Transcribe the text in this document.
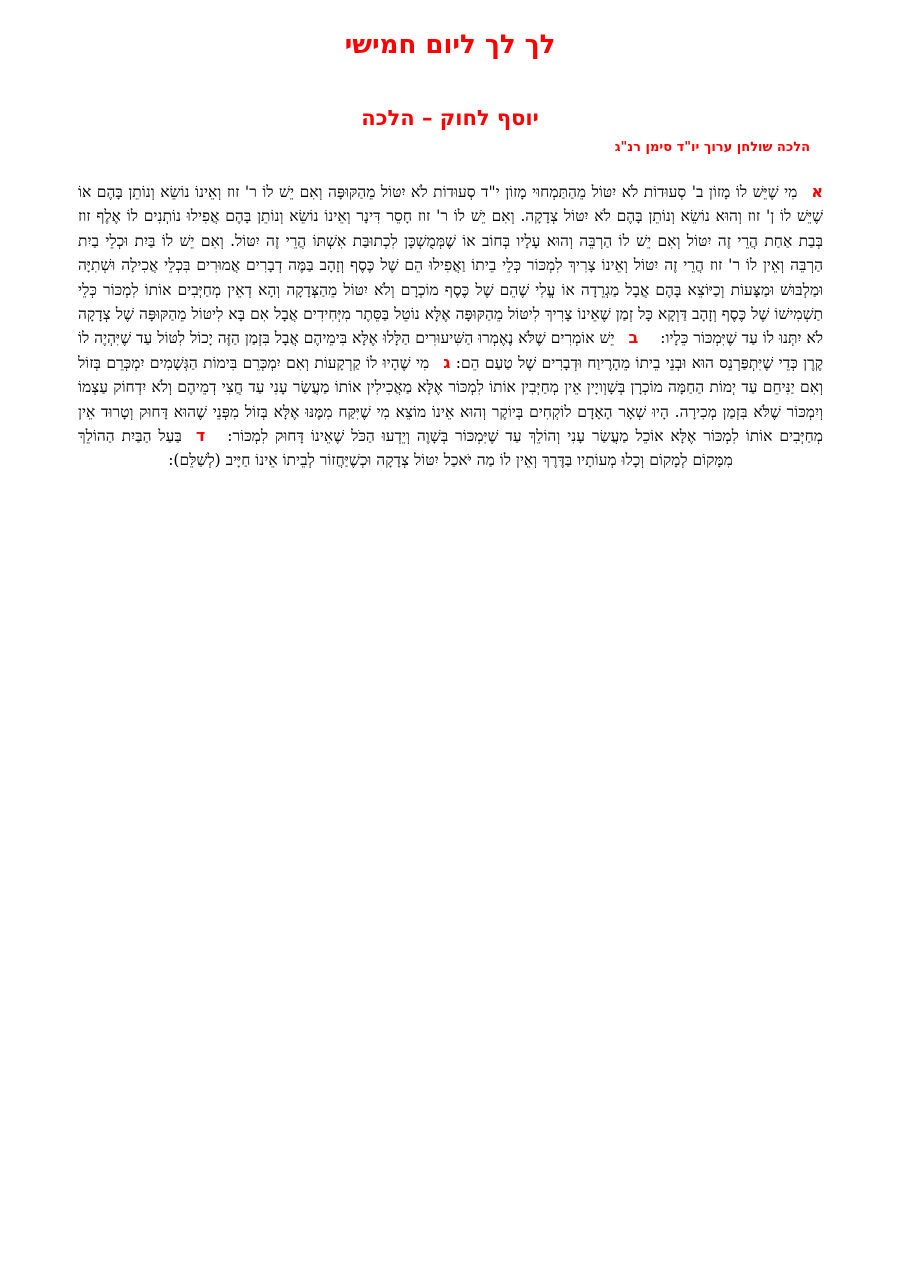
לך לך ליום חמישי
יוסף לחוק – הלכה
הלכה שולחן ערוך יו"ד סימן רנ"ג

אמִי שֶׁיֵּשׁ לוֹ מָזוֹן ב' סְעוּדוֹת לֹא יִטּוֹל מֵהַתַּמְחוּי מָזוֹן י"ד סְעוּדוֹת לֹא יִטּוֹל מֵהַקּוּפָּה וְאִם יֵשׁ לוֹ ר' זוז וְאֵינוֹ נוֹשֵׂא וְנוֹתֵן בָּהֶם אוֹ שֶׁיֵּשׁ לוֹ ן' זוז וְהוּא נוֹשֵׂא וְנוֹתֵן בָּהֶם לֹא יִטּוֹל צְדָקָה. וְאִם יֵשׁ לוֹ ר' זוז חָסֵר דִּינָר וְאֵינוֹ נוֹשֵׂא וְנוֹתֵן בָּהֶם אֲפִילוּ נוֹתְנִים לוֹ אֶלֶף זוז בְּבַת אַחַת הֲרֵי זֶה יִטּוֹל וְאִם יֵשׁ לוֹ הַרְבֵּה וְהוּא עָלָיו בְּחוֹב אוֹ שֶׁמְּמֻשְׁכָּן לִכְתוּבַּת אִשְׁתּוֹ הֲרֵי זֶה יִטּוֹל. וְאִם יֵשׁ לוֹ בַּיִת וּכְלֵי בַיִת הַרְבֵּה וְאֵין לוֹ ר' זוז הֲרֵי זֶה יִטּוֹל וְאֵינוֹ צָרִיךְ לִמְכּוֹר כְּלֵי בֵיתוֹ וַאֲפִילוּ הֵם שֶׁל כֶּסֶף וְזָהָב בַּמֶּה דְבָרִים אֲמוּרִים בִּכְלֵי אֲכִילָה וּשְׁתִיָּה וּמַלְבּוּשׁ וּמַצָּעוֹת וְכַיּוֹצֵא בָּהֶם אֲבָל מַגְרֵדָה אוֹ עֱלִי שֶׁהֵם שֶׁל כֶּסֶף מוֹכְרָם וְלֹא יִטּוֹל מֵהַצְּדָקָה וְהָא דְאֵין מְחַיְּבִים אוֹתוֹ לִמְכּוֹר כְּלֵי תַשְׁמִישׁוֹ שֶׁל כֶּסֶף וְזָהָב דַּוְקָא כָּל זְמַן שֶׁאֵינוֹ צָרִיךְ לִיטּוֹל מֵהַקּוּפָּה אֶלָּא נוֹטֵל בַּסֵּתֶר מִיְּחִידִים אֲבָל אִם בָּא לִיטּוֹל מֵהַקּוּפָּה שֶׁל צְדָקָה לֹא יִתְּנוּ לוֹ עַד שֶׁיִּמְכּוֹר כֵּלָיו:ביֵשׁ אוֹמְרִים שֶׁלֹּא נֶאֶמְרוּ הַשִּׁיעוּרִים הַלָּלוּ אֶלָּא בִּימֵיהֶם אֲבָל בִּזְמַן הַזֶּה יָכוֹל לִטּוֹל עַד שֶׁיִּהְיֶה לוֹ קֶרֶן כְּדֵי שֶׁיִּתְפַּרְנֵס הוּא וּבְנֵי בֵיתוֹ מֵהָרֶיוַח וּדְבָרִים שֶׁל טַעַם הֵם: גמִי שֶׁהָיוּ לוֹ קַרְקָעוֹת וְאִם יִמְכְּרֵם בִּימוֹת הַגְּשָׁמִים יִמְכְּרֵם בְּזוֹל וְאִם יַנִּיחֵם עַד יְמוֹת הַחַמָּה מוֹכְרָן בְּשָׁוְויָין אֵין מְחַיְּבִין אוֹתוֹ לִמְכּוֹר אֶלָּא מַאֲכִילִין אוֹתוֹ מַעֲשַׂר עָנִי עַד חֲצִי דְמֵיהֶם וְלֹא יִדְחוֹק עַצְמוֹ וְיִמְכּוֹר שֶׁלֹּא בִּזְמַן מְכִירָה. הָיוּ שְׁאָר הָאָדָם לוֹקְחִים בְּיוֹקֶר וְהוּא אֵינוֹ מוֹצֵא מִי שֶׁיִּקַּח מִמֶּנּוּ אֶלָּא בְּזוֹל מִפְּנֵי שֶׁהוּא דָּחוּק וְטָרוּד אֵין מְחַיְּבִים אוֹתוֹ לִמְכּוֹר אֶלָּא אוֹכֵל מַעֲשַׂר עָנִי וְהוֹלֵךְ עַד שֶׁיִּמְכּוֹר בְּשָׁוֶה וְיֵדְעוּ הַכֹּל שֶׁאֵינוֹ דָּחוּק לִמְכּוֹר:דבַּעַל הַבַּיִת הַהוֹלֵךְ מִמָּקוֹם לְמָקוֹם וְכָלוּ מְעוֹתָיו בַּדֶּרֶךְ וְאֵין לוֹ מַה יֹּאכַל יִטּוֹל צְדָקָה וּכְשֶׁיַּחֲזוֹר לְבֵיתוֹ אֵינוֹ חַיָּיב (לְשַׁלֵּם):
